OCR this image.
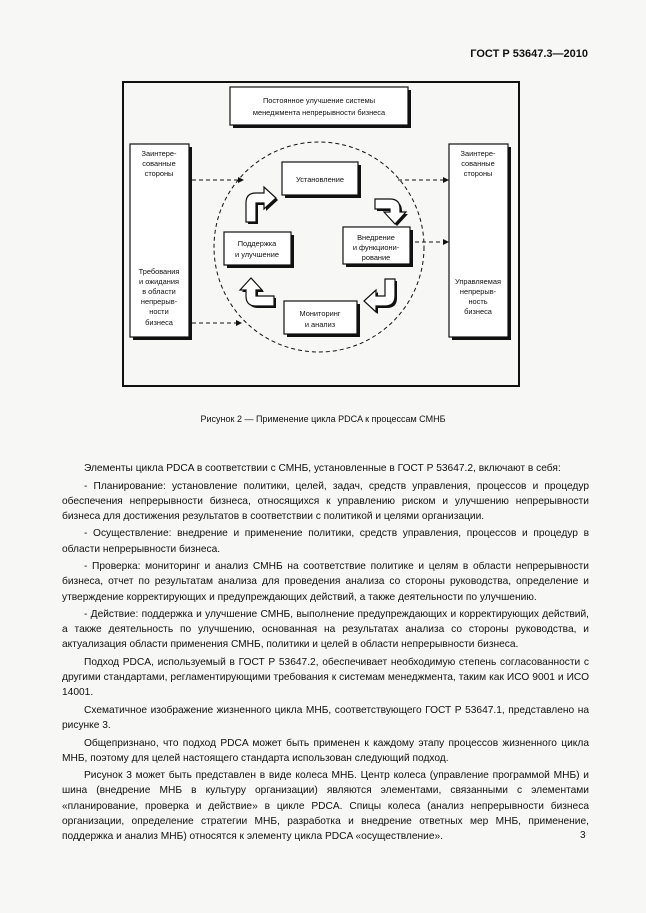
ГОСТ Р 53647.3—2010
Постоянное улучшение системы
менеджмента непрерывности бизнеса
Заинтере-
сованные
стороны
Требования
и ожидания
в области
непрерыв-
ности
бизнеса
Заинтере-
сованные
стороны
Управляемая
непрерыв-
ность
бизнеса
Установление
Внедрение
и функциони-
рование
Мониторинг
и анализ
Поддержка
и улучшение
Рисунок 2 — Применение цикла PDCA к процессам СМНБ

Элементы цикла PDCA в соответствии с СМНБ, установленные в ГОСТ Р 53647.2, включают в себя:

- Планирование: установление политики, целей, задач, средств управления, процессов и процедур обеспечения непрерывности бизнеса, относящихся к управлению риском и улучшению непрерывности бизнеса для достижения результатов в соответствии с политикой и целями организации.

- Осуществление: внедрение и применение политики, средств управления, процессов и процедур в области непрерывности бизнеса.

- Проверка: мониторинг и анализ СМНБ на соответствие политике и целям в области непрерывности бизнеса, отчет по результатам анализа для проведения анализа со стороны руководства, определение и утверждение корректирующих и предупреждающих действий, а также деятельности по улучшению.

- Действие: поддержка и улучшение СМНБ, выполнение предупреждающих и корректирующих действий, а также деятельность по улучшению, основанная на результатах анализа со стороны руководства, и актуализация области применения СМНБ, политики и целей в области непрерывности бизнеса.

Подход PDCA, используемый в ГОСТ Р 53647.2, обеспечивает необходимую степень согласованности с другими стандартами, регламентирующими требования к системам менеджмента, таким как ИСО 9001 и ИСО 14001.

Схематичное изображение жизненного цикла МНБ, соответствующего ГОСТ Р 53647.1, представлено на рисунке 3.

Общепризнано, что подход PDCA может быть применен к каждому этапу процессов жизненного цикла МНБ, поэтому для целей настоящего стандарта использован следующий подход.

Рисунок 3 может быть представлен в виде колеса МНБ. Центр колеса (управление программой МНБ) и шина (внедрение МНБ в культуру организации) являются элементами, связанными с элементами «планирование, проверка и действие» в цикле PDCA. Спицы колеса (анализ непрерывности бизнеса организации, определение стратегии МНБ, разработка и внедрение ответных мер МНБ, применение, поддержка и анализ МНБ) относятся к элементу цикла PDCA «осуществление».	3
